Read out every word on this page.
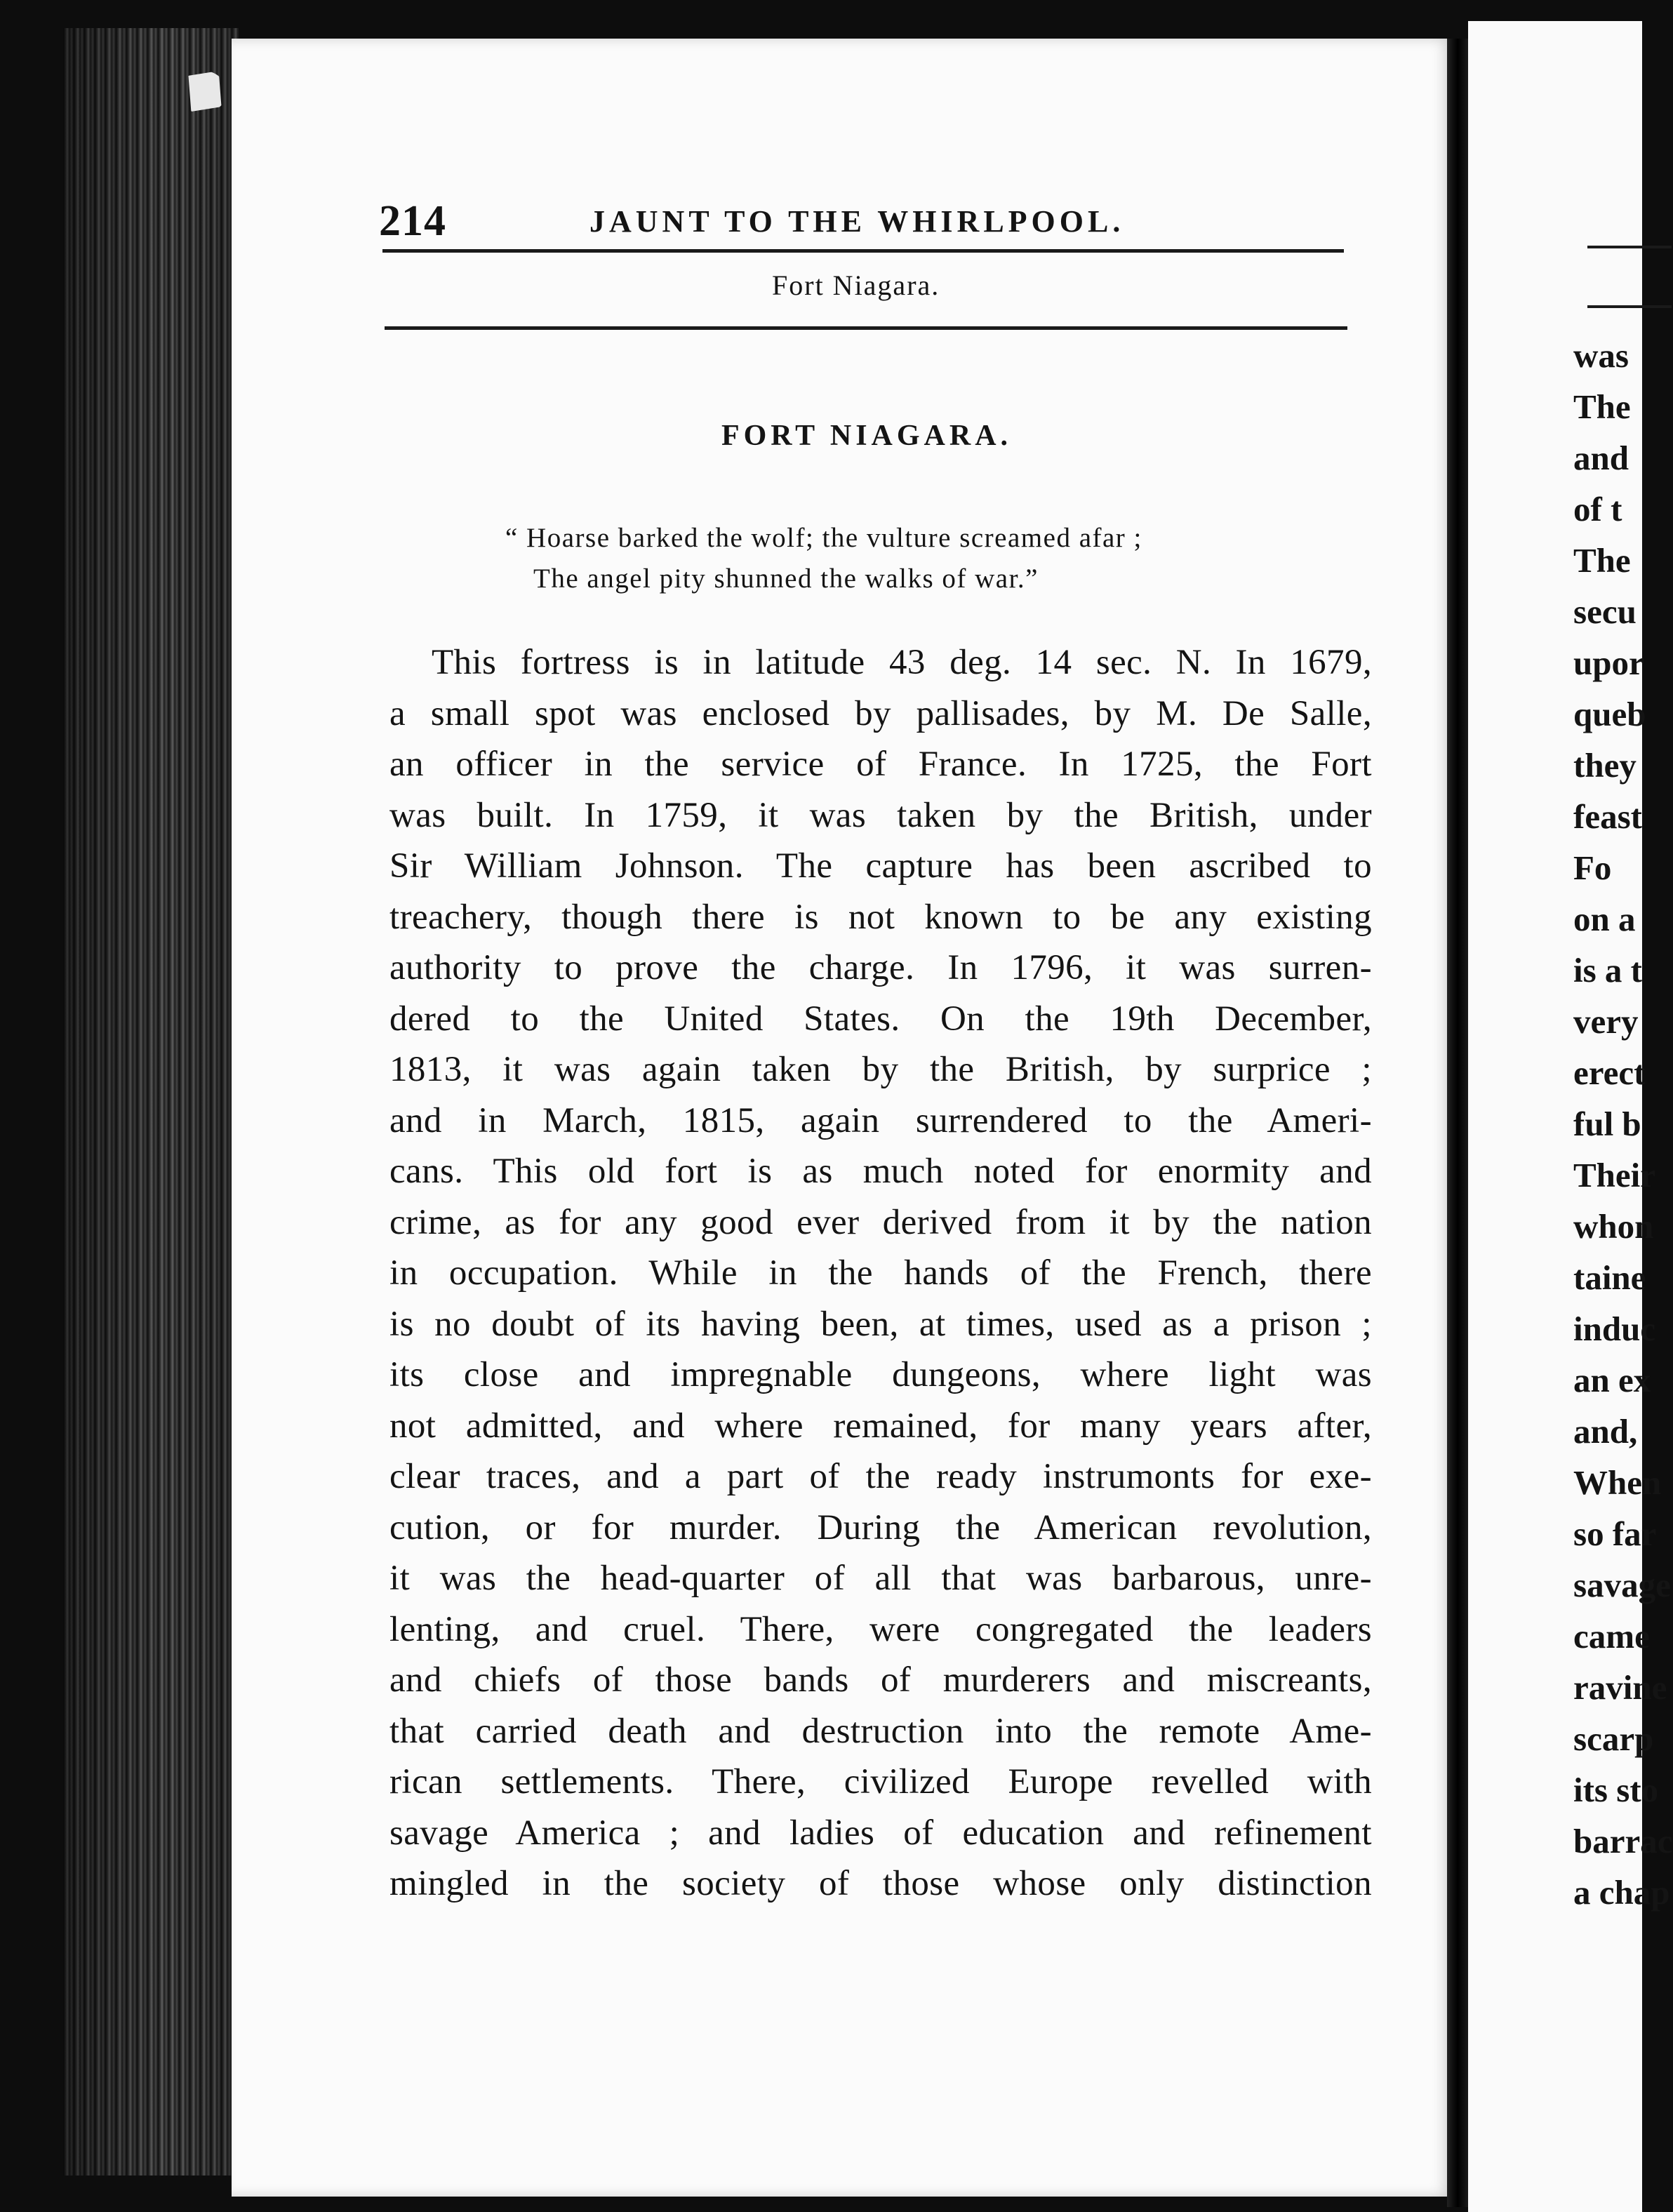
was
The
and
of t
The
secu
upor
queb
they
feast
Fo
on a
is a t
very
erect
ful b
Their
whon
taine
induc
an ex
and,
When
so far
savage
came
ravine
scarp
its sto
barrac
a chap
214	JAUNT TO THE WHIRLPOOL.
Fort Niagara.
FORT NIAGARA.
“ Hoarse barked the wolf; the vulture screamed afar ;
The angel pity shunned the walks of war.”
This fortress is in latitude 43 deg. 14 sec. N. In 1679,
a small spot was enclosed by pallisades, by M. De Salle,
an officer in the service of France. In 1725, the Fort
was built. In 1759, it was taken by the British, under
Sir William Johnson. The capture has been ascribed to
treachery, though there is not known to be any existing
authority to prove the charge. In 1796, it was surren-
dered to the United States. On the 19th December,
1813, it was again taken by the British, by surprice ;
and in March, 1815, again surrendered to the Ameri-
cans. This old fort is as much noted for enormity and
crime, as for any good ever derived from it by the nation
in occupation. While in the hands of the French, there
is no doubt of its having been, at times, used as a prison ;
its close and impregnable dungeons, where light was
not admitted, and where remained, for many years after,
clear traces, and a part of the ready instrumonts for exe-
cution, or for murder. During the American revolution,
it was the head-quarter of all that was barbarous, unre-
lenting, and cruel. There, were congregated the leaders
and chiefs of those bands of murderers and miscreants,
that carried death and destruction into the remote Ame-
rican settlements. There, civilized Europe revelled with
savage America ; and ladies of education and refinement
mingled in the society of those whose only distinction
